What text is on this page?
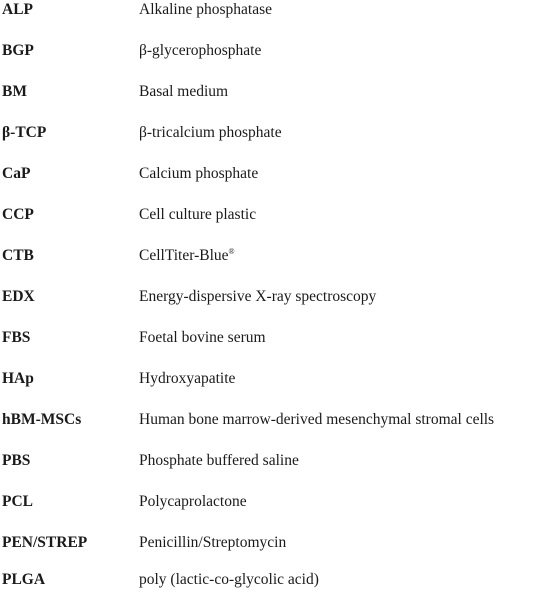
ALP	Alkaline phosphatase
BGP	β-glycerophosphate
BM	Basal medium
β-TCP	β-tricalcium phosphate
CaP	Calcium phosphate
CCP	Cell culture plastic
CTB	CellTiter-Blue®
EDX	Energy-dispersive X-ray spectroscopy
FBS	Foetal bovine serum
HAp	Hydroxyapatite
hBM-MSCs	Human bone marrow-derived mesenchymal stromal cells
PBS	Phosphate buffered saline
PCL	Polycaprolactone
PEN/STREP	Penicillin/Streptomycin
PLGA	poly (lactic-co-glycolic acid)
